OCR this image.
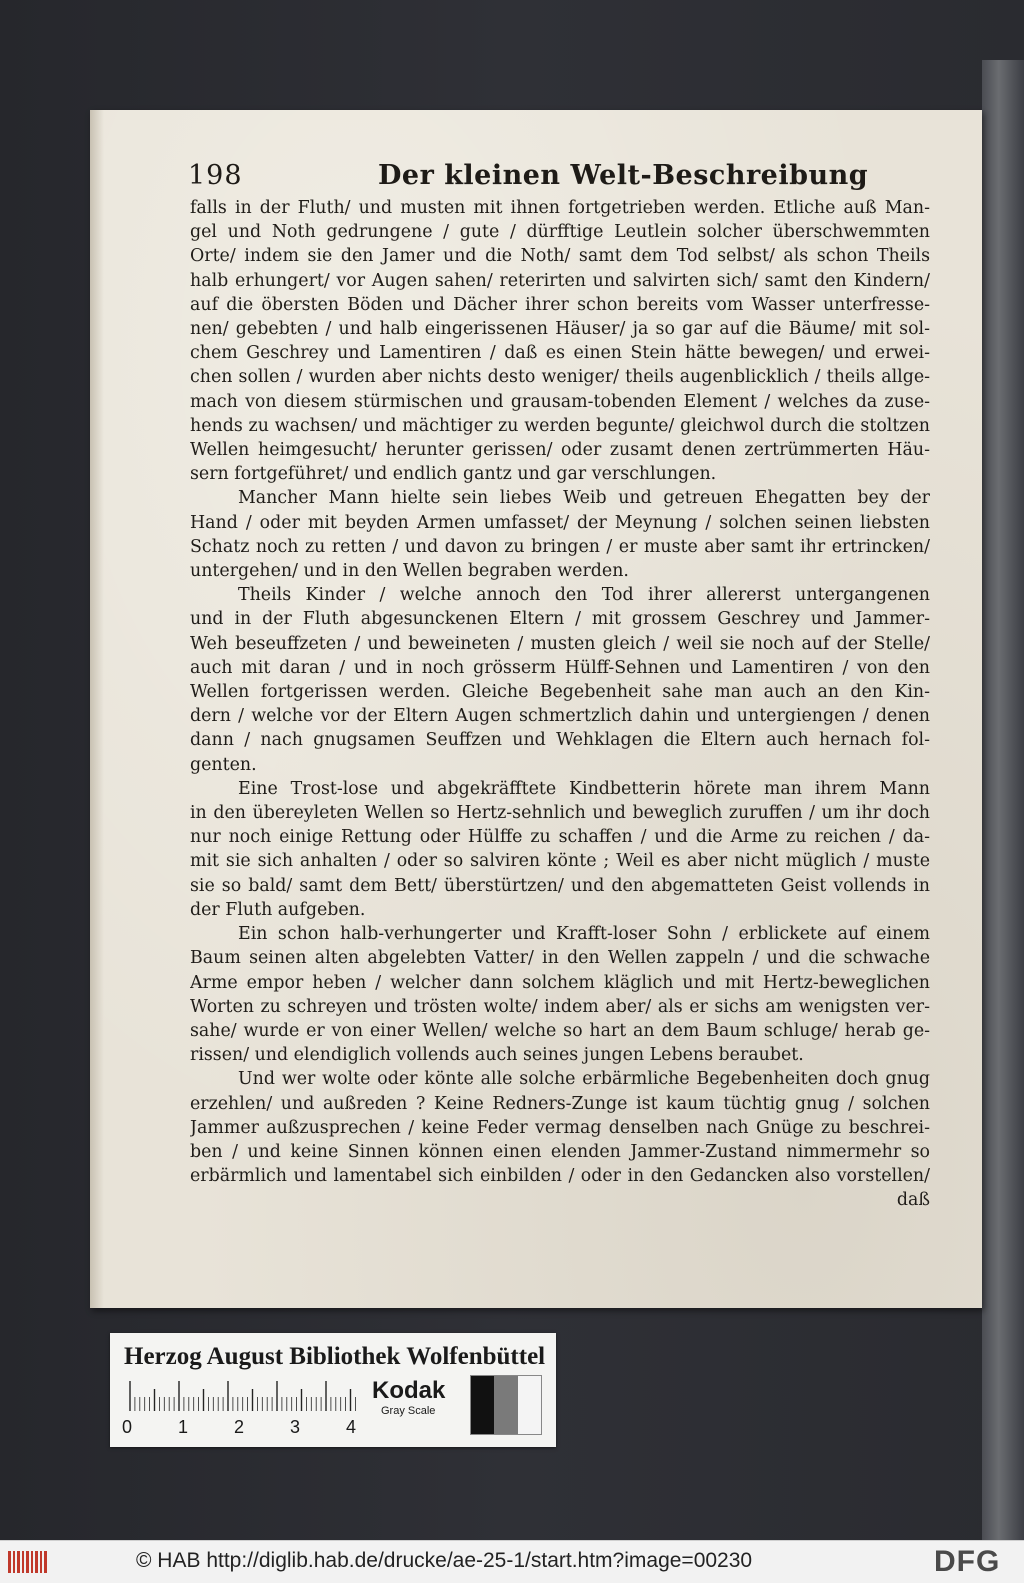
198	Der kleinen Welt-Beschreibung
falls in der Fluth/ und musten mit ihnen fortgetrieben werden. Etliche auß Man-
gel und Noth gedrungene / gute / dürfftige Leutlein solcher überschwemmten
Orte/ indem sie den Jamer und die Noth/ samt dem Tod selbst/ als schon Theils
halb erhungert/ vor Augen sahen/ reterirten und salvirten sich/ samt den Kindern/
auf die öbersten Böden und Dächer ihrer schon bereits vom Wasser unterfresse-
nen/ gebebten / und halb eingerissenen Häuser/ ja so gar auf die Bäume/ mit sol-
chem Geschrey und Lamentiren / daß es einen Stein hätte bewegen/ und erwei-
chen sollen / wurden aber nichts desto weniger/ theils augenblicklich / theils allge-
mach von diesem stürmischen und grausam-tobenden Element / welches da zuse-
hends zu wachsen/ und mächtiger zu werden begunte/ gleichwol durch die stoltzen
Wellen heimgesucht/ herunter gerissen/ oder zusamt denen zertrümmerten Häu-
sern fortgeführet/ und endlich gantz und gar verschlungen.
Mancher Mann hielte sein liebes Weib und getreuen Ehegatten bey der
Hand / oder mit beyden Armen umfasset/ der Meynung / solchen seinen liebsten
Schatz noch zu retten / und davon zu bringen / er muste aber samt ihr ertrincken/
untergehen/ und in den Wellen begraben werden.
Theils Kinder / welche annoch den Tod ihrer allererst untergangenen
und in der Fluth abgesunckenen Eltern / mit grossem Geschrey und Jammer-
Weh beseuffzeten / und beweineten / musten gleich / weil sie noch auf der Stelle/
auch mit daran / und in noch grösserm Hülff-Sehnen und Lamentiren / von den
Wellen fortgerissen werden. Gleiche Begebenheit sahe man auch an den Kin-
dern / welche vor der Eltern Augen schmertzlich dahin und untergiengen / denen
dann / nach gnugsamen Seuffzen und Wehklagen die Eltern auch hernach fol-
genten.
Eine Trost-lose und abgekräfftete Kindbetterin hörete man ihrem Mann
in den übereyleten Wellen so Hertz-sehnlich und beweglich zuruffen / um ihr doch
nur noch einige Rettung oder Hülffe zu schaffen / und die Arme zu reichen / da-
mit sie sich anhalten / oder so salviren könte ; Weil es aber nicht müglich / muste
sie so bald/ samt dem Bett/ überstürtzen/ und den abgematteten Geist vollends in
der Fluth aufgeben.
Ein schon halb-verhungerter und Krafft-loser Sohn / erblickete auf einem
Baum seinen alten abgelebten Vatter/ in den Wellen zappeln / und die schwache
Arme empor heben / welcher dann solchem kläglich und mit Hertz-beweglichen
Worten zu schreyen und trösten wolte/ indem aber/ als er sichs am wenigsten ver-
sahe/ wurde er von einer Wellen/ welche so hart an dem Baum schluge/ herab ge-
rissen/ und elendiglich vollends auch seines jungen Lebens beraubet.
Und wer wolte oder könte alle solche erbärmliche Begebenheiten doch gnug
erzehlen/ und außreden ? Keine Redners-Zunge ist kaum tüchtig gnug / solchen
Jammer außzusprechen / keine Feder vermag denselben nach Gnüge zu beschrei-
ben / und keine Sinnen können einen elenden Jammer-Zustand nimmermehr so
erbärmlich und lamentabel sich einbilden / oder in den Gedancken also vorstellen/
daß
Herzog August Bibliothek Wolfenbüttel
0	1	2	3	4
Kodak
Gray Scale
© HAB http://diglib.hab.de/drucke/ae-25-1/start.htm?image=00230	DFG
